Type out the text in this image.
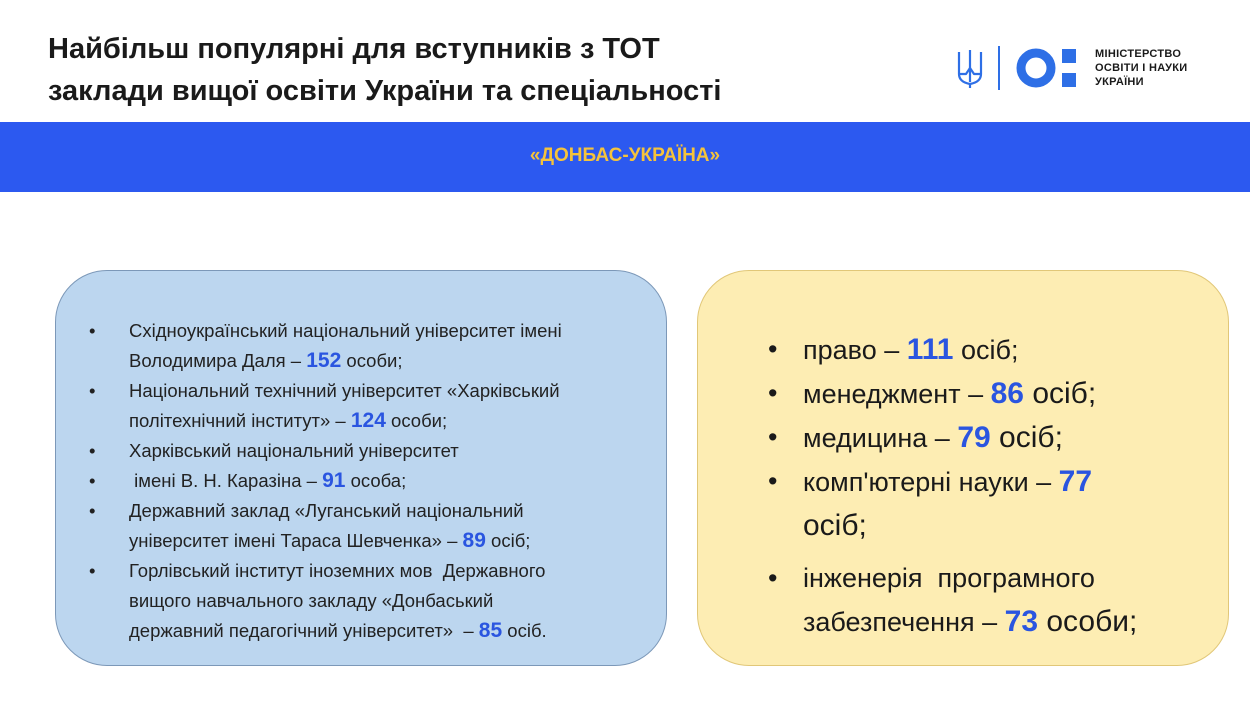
Найбільш популярні для вступників з ТОТ
заклади вищої освіти України та спеціальності
МІНІСТЕРСТВО
ОСВІТИ І НАУКИ
УКРАЇНИ
«ДОНБАС-УКРАЇНА»
• Східноукраїнський національний університет імені
Володимира Даля – 152 особи;
• Національний технічний університет «Харківський
політехнічний інститут» – 124 особи;
• Харківський національний університет
• імені В. Н. Каразіна – 91 особа;
• Державний заклад «Луганський національний
університет імені Тараса Шевченка» – 89 осіб;
• Горлівський інститут іноземних мов  Державного
вищого навчального закладу «Донбаський
державний педагогічний університет»  – 85 осіб.
• право – 111 осіб;
• менеджмент – 86 осіб;
• медицина – 79 осіб;
• комп'ютерні науки – 77
осіб;
• інженерія  програмного
забезпечення – 73 особи;
